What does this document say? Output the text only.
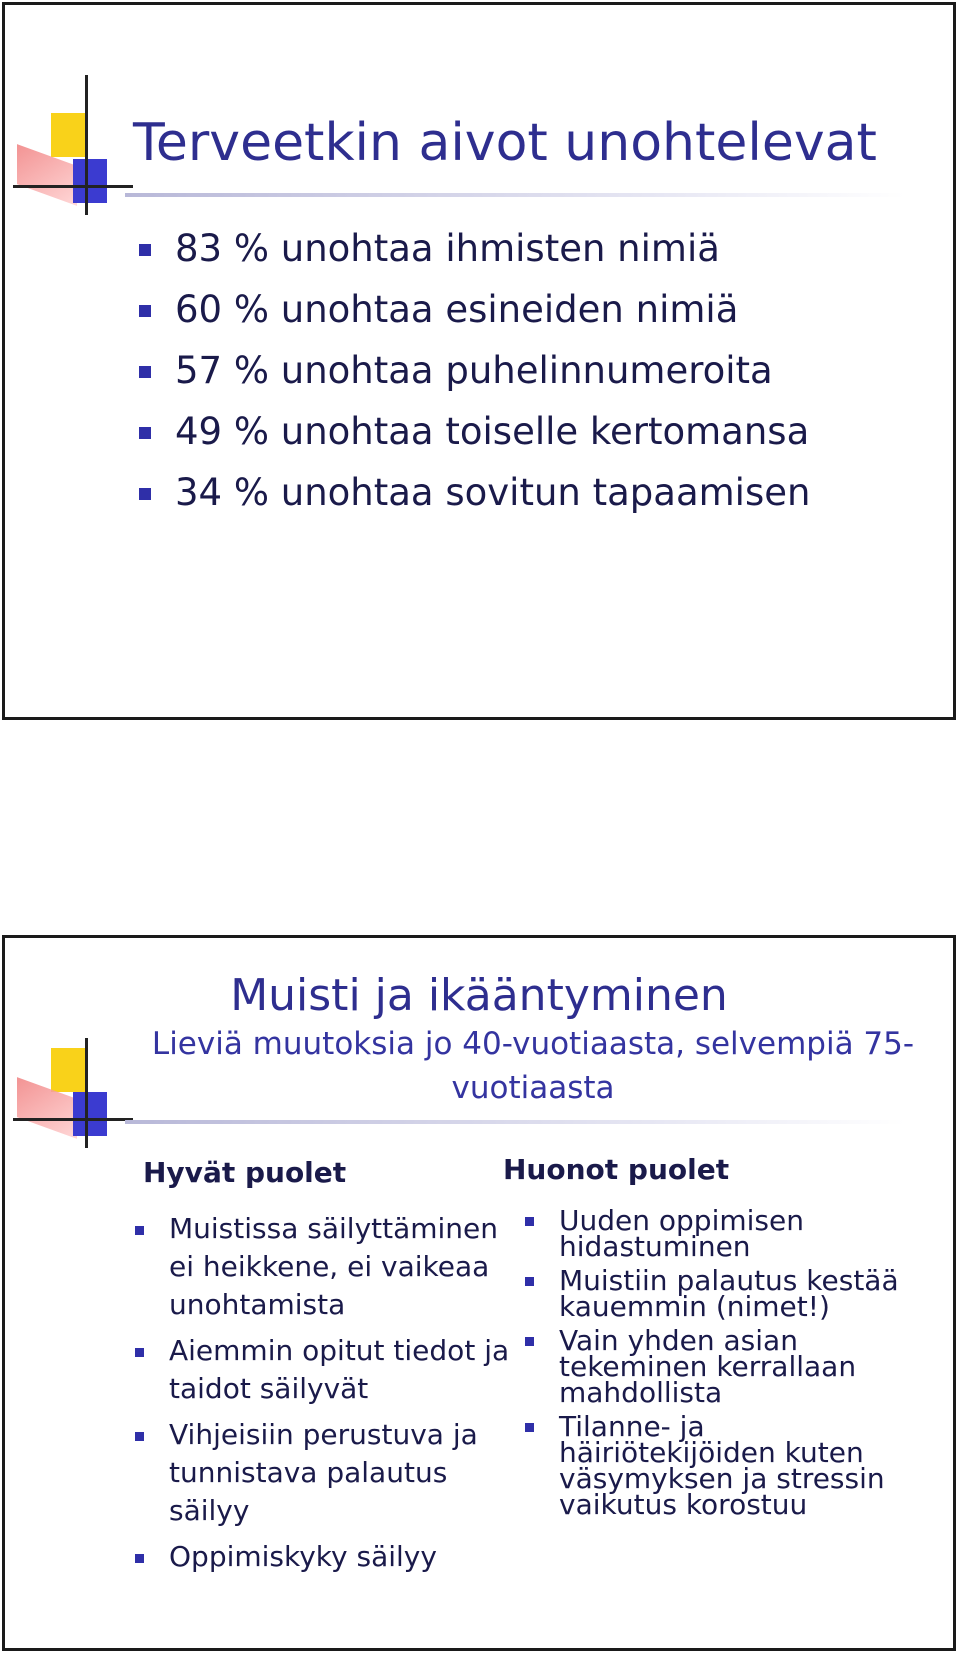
Terveetkin aivot unohtelevat
83 % unohtaa ihmisten nimiä
60 % unohtaa esineiden nimiä
57 % unohtaa puhelinnumeroita
49 % unohtaa toiselle kertomansa
34 % unohtaa sovitun tapaamisen
Muisti ja ikääntyminen
Lieviä muutoksia jo 40-vuotiaasta, selvempiä 75-vuotiaasta
Hyvät puolet
Muistissa säilyttäminen ei heikkene, ei vaikeaa unohtamista
Aiemmin opitut tiedot ja taidot säilyvät
Vihjeisiin perustuva ja tunnistava palautus säilyy
Oppimiskyky säilyy
Huonot puolet
Uuden oppimisen hidastuminen
Muistiin palautus kestää kauemmin (nimet!)
Vain yhden asian tekeminen kerrallaan mahdollista
Tilanne- ja häiriötekijöiden kuten väsymyksen ja stressin vaikutus korostuu
